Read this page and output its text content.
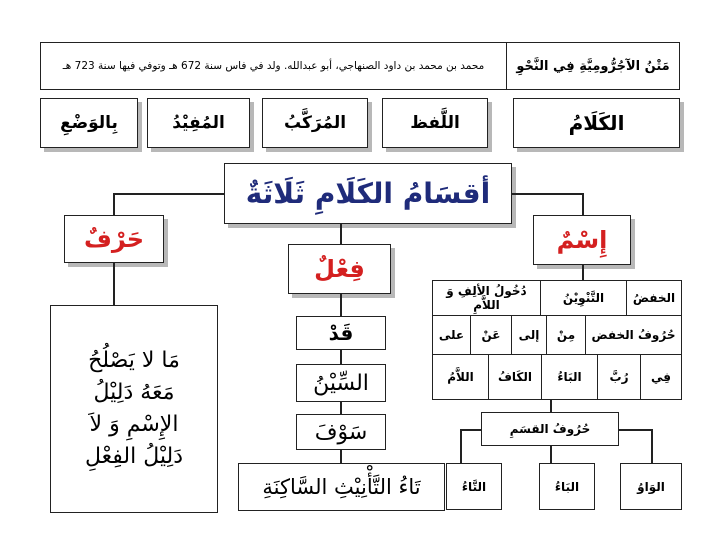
محمد بن محمد بن داود الصنهاجي، أبو عبدالله. ولد في فاس سنة 672 هـ وتوفي فيها سنة 723 هـ مَتْنُ الآجُرُّومِيَّةِ فِي النَّحْوِ
الكَلَامُ
اللَّفظ
المُرَكَّبُ
المُفِيْدُ
بِالوَضْعِ
أقسَامُ الكَلَامِ ثَلَاثَةٌ
حَرْفٌ
مَا لا يَصْلُحُ
مَعَهُ دَلِيْلُ
الإِسْمِ وَ لاَ
دَلِيْلُ الفِعْلِ
فِعْلٌ
قَدْ
السِّيْنُ
سَوْفَ
تَاءُ التَّأْنِيْثِ السَّاكِنَةِ
إِسْمٌ
الخفضُ
التَّنْوِيْنُ
دُخُولُ الألِفِ وَ اللاَّمِ
حُرُوفُ الخفض
مِنْ
إلى
عَنْ
على
فِي
رُبَّ
البَاءُ
الكَافُ
اللاَّمُ
حُرُوفُ القسَمِ
الوَاوُ
البَاءُ
التَّاءُ
